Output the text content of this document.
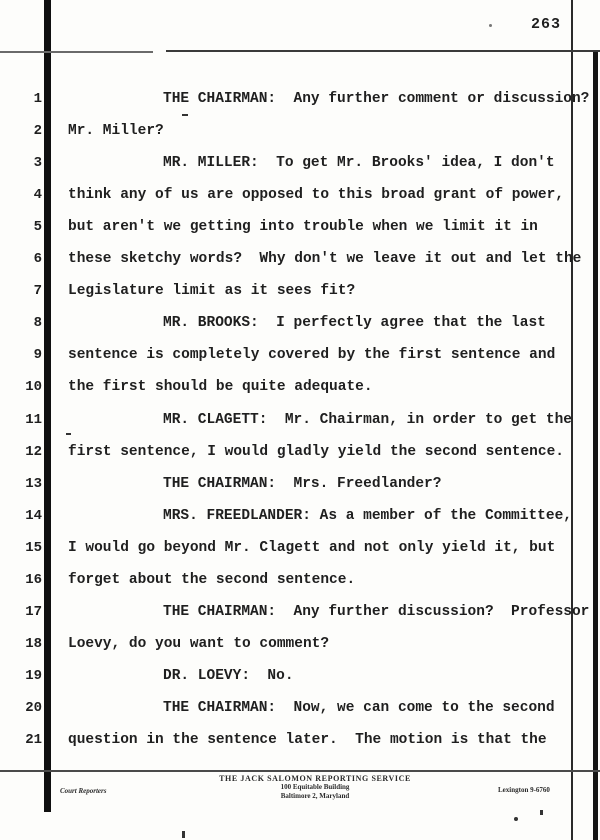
263
1	THE CHAIRMAN:  Any further comment or discussion?
2 Mr. Miller?
3	MR. MILLER:  To get Mr. Brooks' idea, I don't
4 think any of us are opposed to this broad grant of power,
5 but aren't we getting into trouble when we limit it in
6 these sketchy words?  Why don't we leave it out and let the
7 Legislature limit as it sees fit?
8	MR. BROOKS:  I perfectly agree that the last
9 sentence is completely covered by the first sentence and
10 the first should be quite adequate.
11	MR. CLAGETT:  Mr. Chairman, in order to get the
12 first sentence, I would gladly yield the second sentence.
13	THE CHAIRMAN:  Mrs. Freedlander?
14	MRS. FREEDLANDER: As a member of the Committee,
15 I would go beyond Mr. Clagett and not only yield it, but
16 forget about the second sentence.
17	THE CHAIRMAN:  Any further discussion?  Professor
18 Loevy, do you want to comment?
19	DR. LOEVY:  No.
20	THE CHAIRMAN:  Now, we can come to the second
21 question in the sentence later.  The motion is that the
THE JACK SALOMON REPORTING SERVICE
100 Equitable Building
Baltimore 2, Maryland
Court Reporters	Lexington 9-6760
